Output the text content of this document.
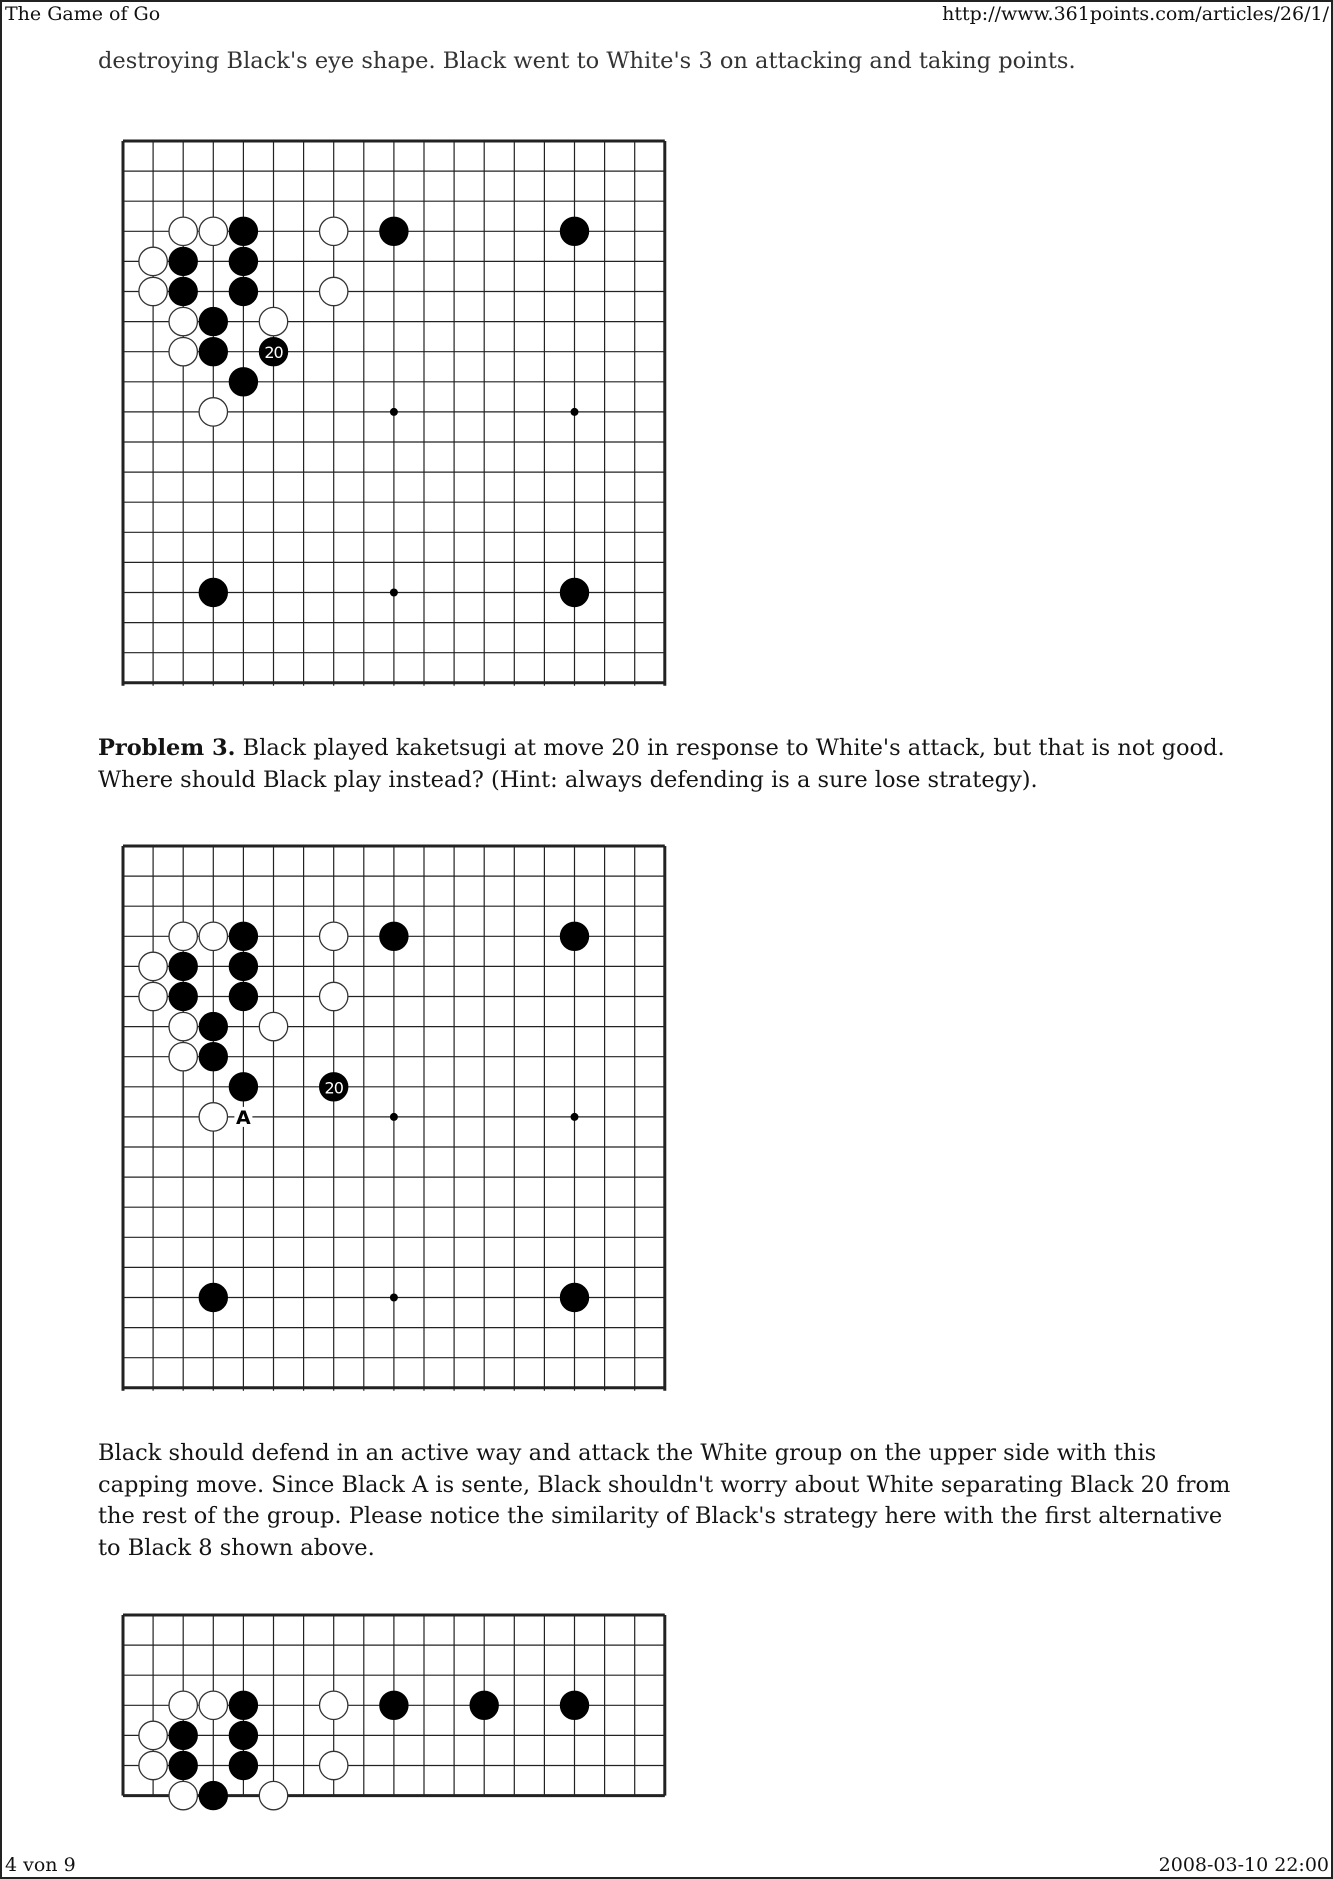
The Game of Go	http://www.361points.com/articles/26/1/
destroying Black's eye shape. Black went to White's 3 on attacking and taking points.
20
Problem 3. Black played kaketsugi at move 20 in response to White's attack, but that is not good. Where should Black play instead? (Hint: always defending is a sure lose strategy).
20
A
Black should defend in an active way and attack the White group on the upper side with this capping move. Since Black A is sente, Black shouldn't worry about White separating Black 20 from the rest of the group. Please notice the similarity of Black's strategy here with the first alternative to Black 8 shown above.
4 von 9	2008-03-10 22:00
